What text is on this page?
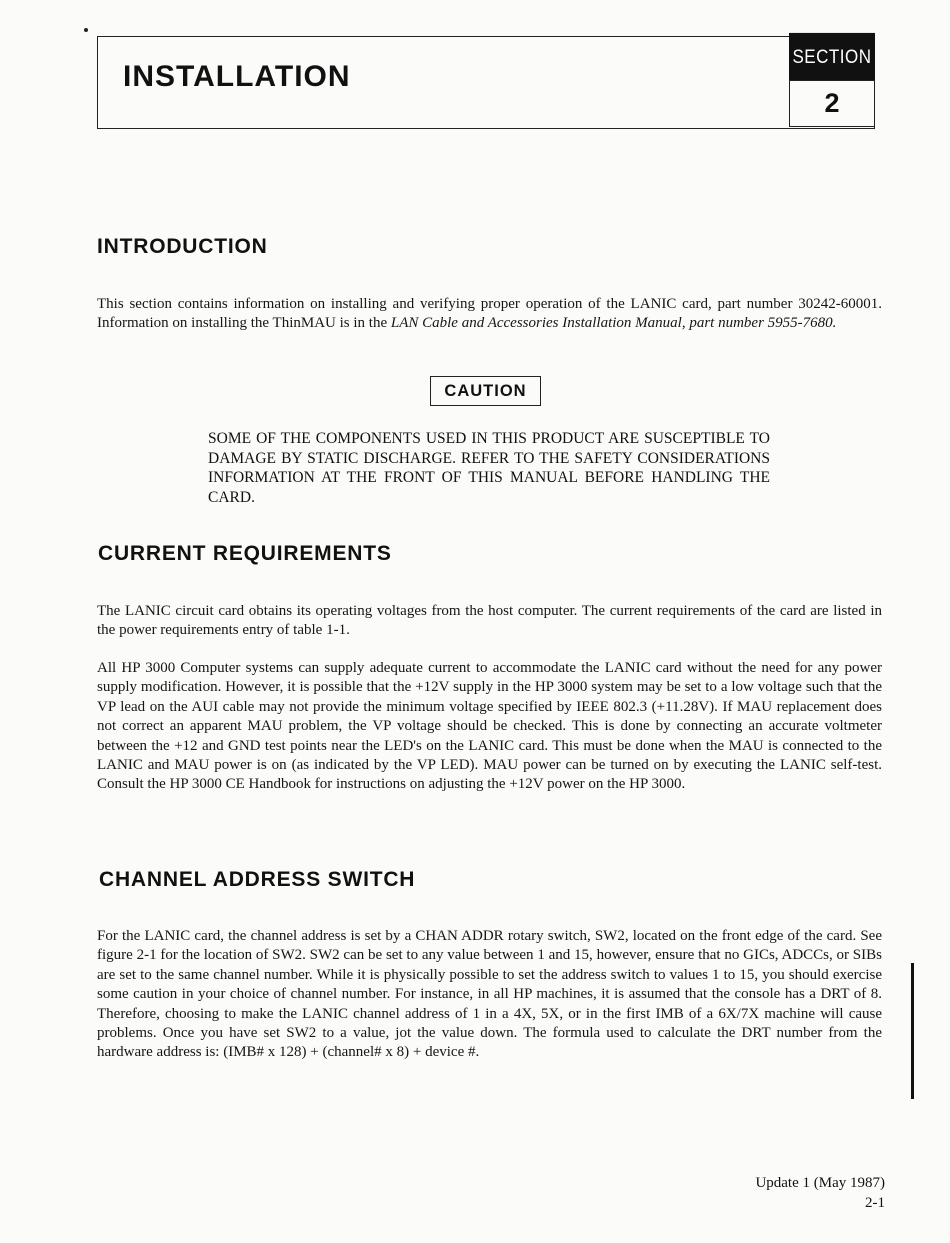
INSTALLATION
SECTION
2
INTRODUCTION

This section contains information on installing and verifying proper operation of the LANIC card, part number 30242-60001. Information on installing the ThinMAU is in the LAN Cable and Accessories Installation Manual, part number 5955-7680.

CAUTION

SOME OF THE COMPONENTS USED IN THIS PRODUCT ARE SUSCEPTIBLE TO DAMAGE BY STATIC DISCHARGE. REFER TO THE SAFETY CONSIDERATIONS INFORMATION AT THE FRONT OF THIS MANUAL BEFORE HANDLING THE CARD.

CURRENT REQUIREMENTS

The LANIC circuit card obtains its operating voltages from the host computer. The current requirements of the card are listed in the power requirements entry of table 1-1.

All HP 3000 Computer systems can supply adequate current to accommodate the LANIC card without the need for any power supply modification. However, it is possible that the +12V supply in the HP 3000 system may be set to a low voltage such that the VP lead on the AUI cable may not provide the minimum voltage specified by IEEE 802.3 (+11.28V). If MAU replacement does not correct an apparent MAU problem, the VP voltage should be checked. This is done by connecting an accurate voltmeter between the +12 and GND test points near the LED's on the LANIC card. This must be done when the MAU is connected to the LANIC and MAU power is on (as indicated by the VP LED). MAU power can be turned on by executing the LANIC self-test. Consult the HP 3000 CE Handbook for instructions on adjusting the +12V power on the HP 3000.

CHANNEL ADDRESS SWITCH

For the LANIC card, the channel address is set by a CHAN ADDR rotary switch, SW2, located on the front edge of the card. See figure 2-1 for the location of SW2. SW2 can be set to any value between 1 and 15, however, ensure that no GICs, ADCCs, or SIBs are set to the same channel number. While it is physically possible to set the address switch to values 1 to 15, you should exercise some caution in your choice of channel number. For instance, in all HP machines, it is assumed that the console has a DRT of 8. Therefore, choosing to make the LANIC channel address of 1 in a 4X, 5X, or in the first IMB of a 6X/7X machine will cause problems. Once you have set SW2 to a value, jot the value down. The formula used to calculate the DRT number from the hardware address is: (IMB# x 128) + (channel# x 8) + device #.

Update 1 (May 1987)
2-1
